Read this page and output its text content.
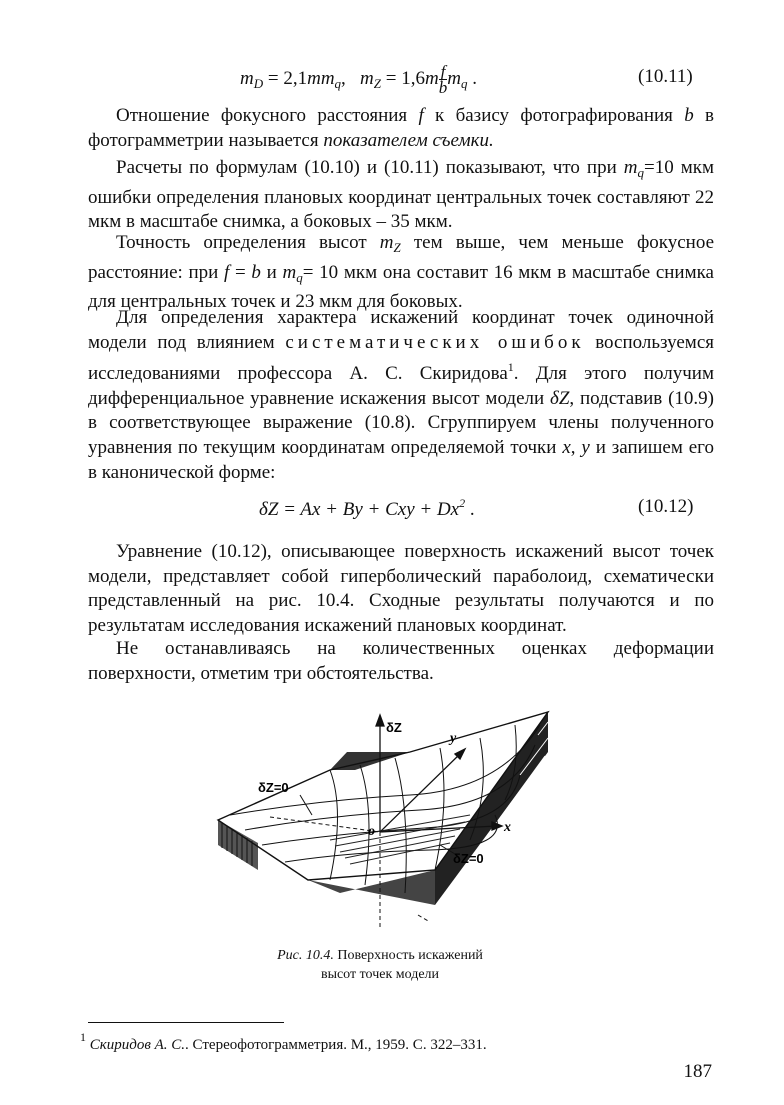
$m_D = 2,1mm_q$, $m_Z = 1,6m \frac{f}{b} m_q$ .	(10.11)

Отношение фокусного расстояния f к базису фотографирования b в фотограмметрии называется показателем съемки.

Расчеты по формулам (10.10) и (10.11) показывают, что при $m_q=10$ мкм ошибки определения плановых координат центральных точек составляют 22 мкм в масштабе снимка, а боковых – 35 мкм.

Точность определения высот $m_Z$ тем выше, чем меньше фокусное расстояние: при f = b и $m_q= 10$ мкм она составит 16 мкм в масштабе снимка для центральных точек и 23 мкм для боковых.

Для определения характера искажений координат точек одиночной модели под влиянием систематических ошибок воспользуемся исследованиями профессора А. С. Скиридова$^1$. Для этого получим дифференциальное уравнение искажения высот модели δZ, подставив (10.9) в соответствующее выражение (10.8). Сгруппируем члены полученного уравнения по текущим координатам определяемой точки x, y и запишем его в канонической форме:

δZ = Ax + By + Cxy + $Dx^2$ .	(10.12)

Уравнение (10.12), описывающее поверхность искажений высот точек модели, представляет собой гиперболический параболоид, схематически представленный на рис. 10.4. Сходные результаты получаются и по результатам исследования искажений плановых координат.

Не останавливаясь на количественных оценках деформации поверхности, отметим три обстоятельства.

δZ
y
x
o
δZ=0
δZ=0
Рис. 10.4. Поверхность искажений
высот точек модели
$^1$ Скиридов А. С.. Стереофотограмметрия. М., 1959. С. 322–331.
187
